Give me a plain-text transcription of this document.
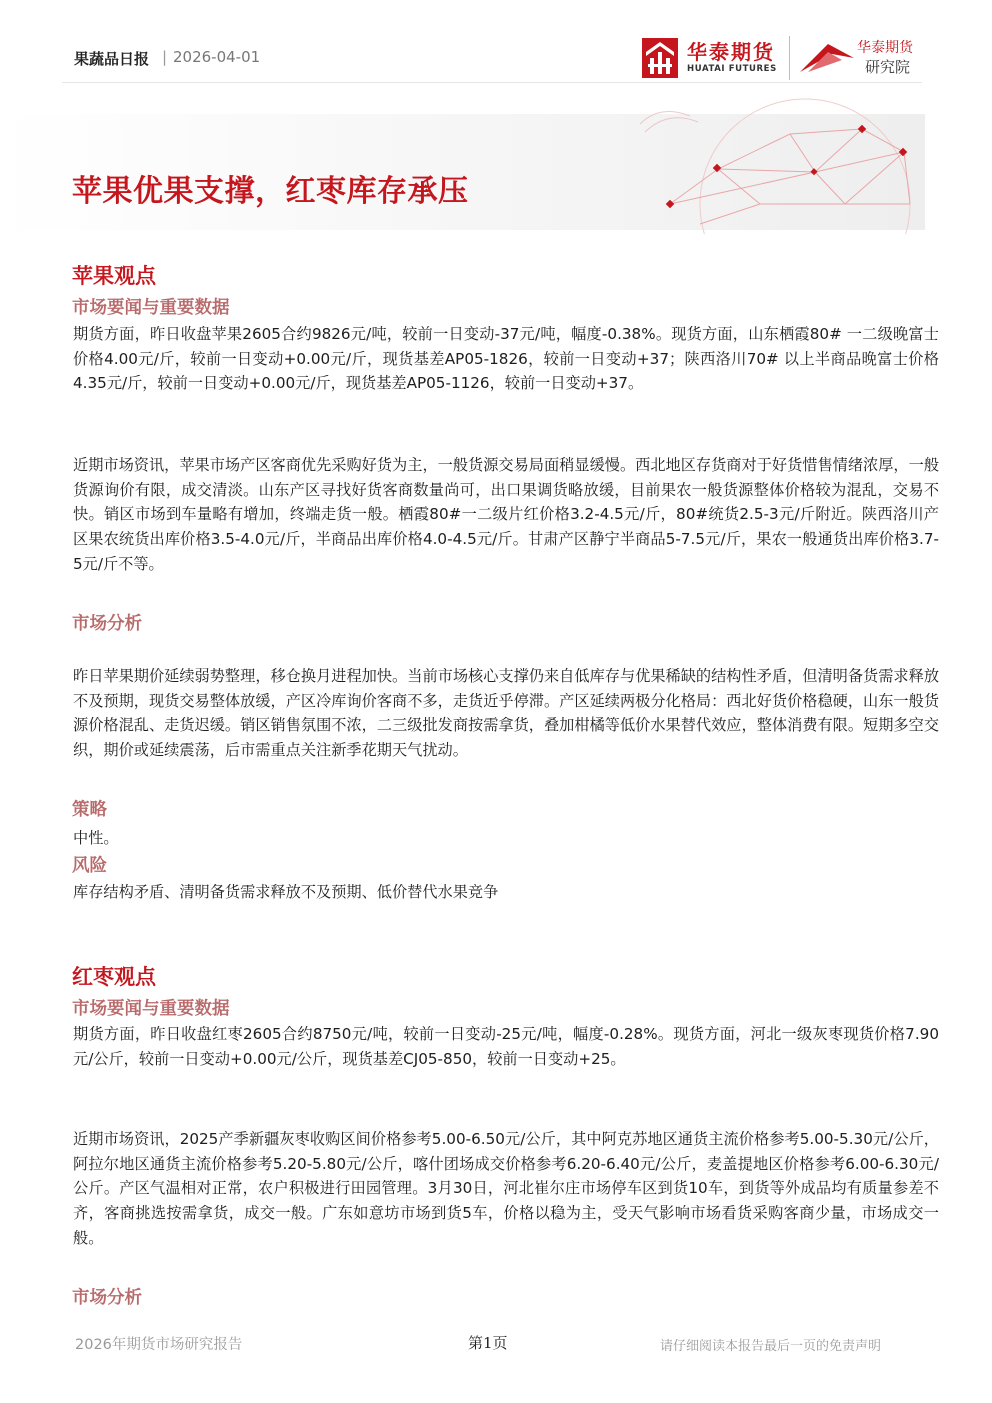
果蔬品日报 | 2026-04-01	华泰期货
HUATAI FUTURES
华泰期货
研究院
苹果优果支撑，红枣库存承压
苹果观点
市场要闻与重要数据

期货方面，昨日收盘苹果2605合约9826元/吨，较前一日变动-37元/吨，幅度-0.38%。现货方面，山东栖霞80# 一二级晚富士价格4.00元/斤，较前一日变动+0.00元/斤，现货基差AP05-1826，较前一日变动+37；陕西洛川70# 以上半商品晚富士价格4.35元/斤，较前一日变动+0.00元/斤，现货基差AP05-1126，较前一日变动+37。

近期市场资讯，苹果市场产区客商优先采购好货为主，一般货源交易局面稍显缓慢。西北地区存货商对于好货惜售情绪浓厚，一般货源询价有限，成交清淡。山东产区寻找好货客商数量尚可，出口果调货略放缓，目前果农一般货源整体价格较为混乱，交易不快。销区市场到车量略有增加，终端走货一般。栖霞80#一二级片红价格3.2-4.5元/斤，80#统货2.5-3元/斤附近。陕西洛川产区果农统货出库价格3.5-4.0元/斤，半商品出库价格4.0-4.5元/斤。甘肃产区静宁半商品5-7.5元/斤，果农一般通货出库价格3.7-5元/斤不等。

市场分析

昨日苹果期价延续弱势整理，移仓换月进程加快。当前市场核心支撑仍来自低库存与优果稀缺的结构性矛盾，但清明备货需求释放不及预期，现货交易整体放缓，产区冷库询价客商不多，走货近乎停滞。产区延续两极分化格局：西北好货价格稳硬，山东一般货源价格混乱、走货迟缓。销区销售氛围不浓，二三级批发商按需拿货，叠加柑橘等低价水果替代效应，整体消费有限。短期多空交织，期价或延续震荡，后市需重点关注新季花期天气扰动。

策略
中性。
风险
库存结构矛盾、清明备货需求释放不及预期、低价替代水果竞争
红枣观点
市场要闻与重要数据

期货方面，昨日收盘红枣2605合约8750元/吨，较前一日变动-25元/吨，幅度-0.28%。现货方面，河北一级灰枣现货价格7.90元/公斤，较前一日变动+0.00元/公斤，现货基差CJ05-850，较前一日变动+25。

近期市场资讯，2025产季新疆灰枣收购区间价格参考5.00-6.50元/公斤，其中阿克苏地区通货主流价格参考5.00-5.30元/公斤，阿拉尔地区通货主流价格参考5.20-5.80元/公斤，喀什团场成交价格参考6.20-6.40元/公斤，麦盖提地区价格参考6.00-6.30元/公斤。产区气温相对正常，农户积极进行田园管理。3月30日，河北崔尔庄市场停车区到货10车，到货等外成品均有质量参差不齐，客商挑选按需拿货，成交一般。广东如意坊市场到货5车，价格以稳为主，受天气影响市场看货采购客商少量，市场成交一般。

市场分析
2026年期货市场研究报告	第1页	请仔细阅读本报告最后一页的免责声明
